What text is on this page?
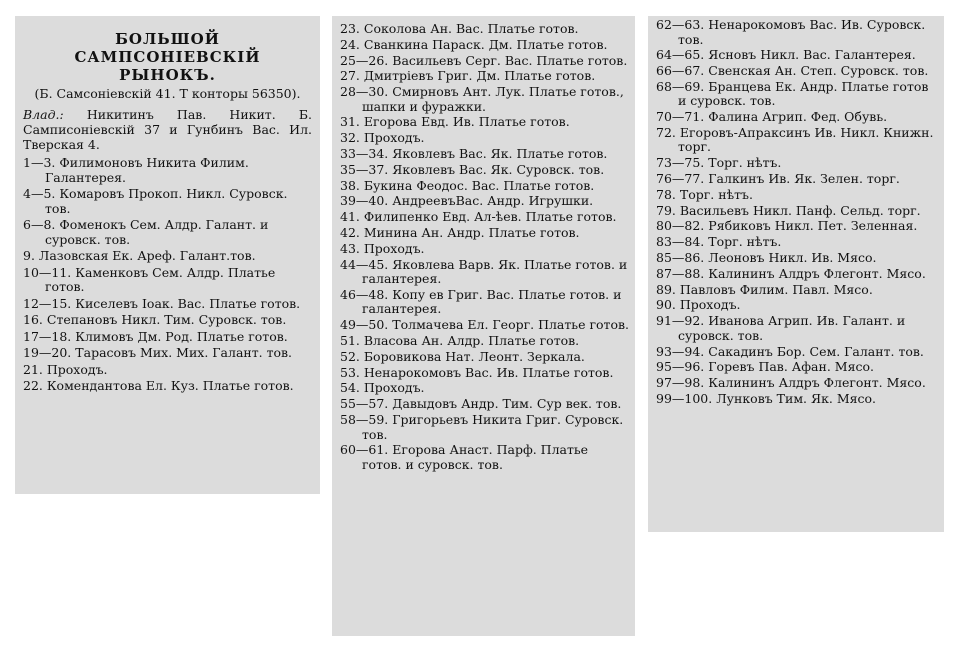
БОЛЬШОЙ САМПСОНІЕВСКІЙ
РЫНОКЪ.
(Б. Самсоніевскій 41. Т конторы 56350).
Влад.: Никитинъ Пав. Никит. Б. Самписоніевскій 37 и Гунбинъ Вас. Ил. Тверская 4.
1—3. Филимоновъ Никита Филим. Галантерея.
4—5. Комаровъ Прокоп. Никл. Суровск. тов.
6—8. Фоменокъ Сем. Алдр. Галант. и суровск. тов.
9. Лазовская Ек. Ареф. Галант.тов.
10—11. Каменковъ Сем. Алдр. Платье готов.
12—15. Киселевъ Іоак. Вас. Платье готов.
16. Степановъ Никл. Тим. Суровск. тов.
17—18. Климовъ Дм. Род. Платье готов.
19—20. Тарасовъ Мих. Мих. Галант. тов.
21. Проходъ.
22. Комендантова Ел. Куз. Платье готов.
23. Соколова Ан. Вас. Платье готов.
24. Сванкина Параск. Дм. Платье готов.
25—26. Васильевъ Серг. Вас. Платье готов.
27. Дмитріевъ Григ. Дм. Платье готов.
28—30. Смирновъ Ант. Лук. Платье готов., шапки и фуражки.
31. Егорова Евд. Ив. Платье готов.
32. Проходъ.
33—34. Яковлевъ Вас. Як. Платье готов.
35—37. Яковлевъ Вас. Як. Суровск. тов.
38. Букина Феодос. Вас. Платье готов.
39—40. АндреевъВас. Андр. Игрушки.
41. Филипенко Евд. Ал-ѣев. Платье готов.
42. Минина Ан. Андр. Платье готов.
43. Проходъ.
44—45. Яковлева Варв. Як. Платье готов. и галантерея.
46—48. Копу ев Григ. Вас. Платье готов. и галантерея.
49—50. Толмачева Ел. Георг. Платье готов.
51. Власова Ан. Алдр. Платье готов.
52. Боровикова Нат. Леонт. Зеркала.
53. Ненарокомовъ Вас. Ив. Платье готов.
54. Проходъ.
55—57. Давыдовъ Андр. Тим. Сур век. тов.
58—59. Григорьевъ Никита Григ. Суровск. тов.
60—61. Егорова Анаст. Парф. Платье готов. и суровск. тов.
62—63. Ненарокомовъ Вас. Ив. Суровск. тов.
64—65. Ясновъ Никл. Вас. Галантерея.
66—67. Свенская Ан. Степ. Суровск. тов.
68—69. Бранцева Ек. Андр. Платье готов и суровск. тов.
70—71. Фалина Агрип. Фед. Обувь.
72. Егоровъ-Апраксинъ Ив. Никл. Книжн. торг.
73—75. Торг. нѣтъ.
76—77. Галкинъ Ив. Як. Зелен. торг.
78. Торг. нѣтъ.
79. Васильевъ Никл. Панф. Сельд. торг.
80—82. Рябиковъ Никл. Пет. Зеленная.
83—84. Торг. нѣтъ.
85—86. Леоновъ Никл. Ив. Мясо.
87—88. Калининъ Алдръ Флегонт. Мясо.
89. Павловъ Филим. Павл. Мясо.
90. Проходъ.
91—92. Иванова Агрип. Ив. Галант. и суровск. тов.
93—94. Сакадинъ Бор. Сем. Галант. тов.
95—96. Горевъ Пав. Афан. Мясо.
97—98. Калининъ Алдръ Флегонт. Мясо.
99—100. Лунковъ Тим. Як. Мясо.
